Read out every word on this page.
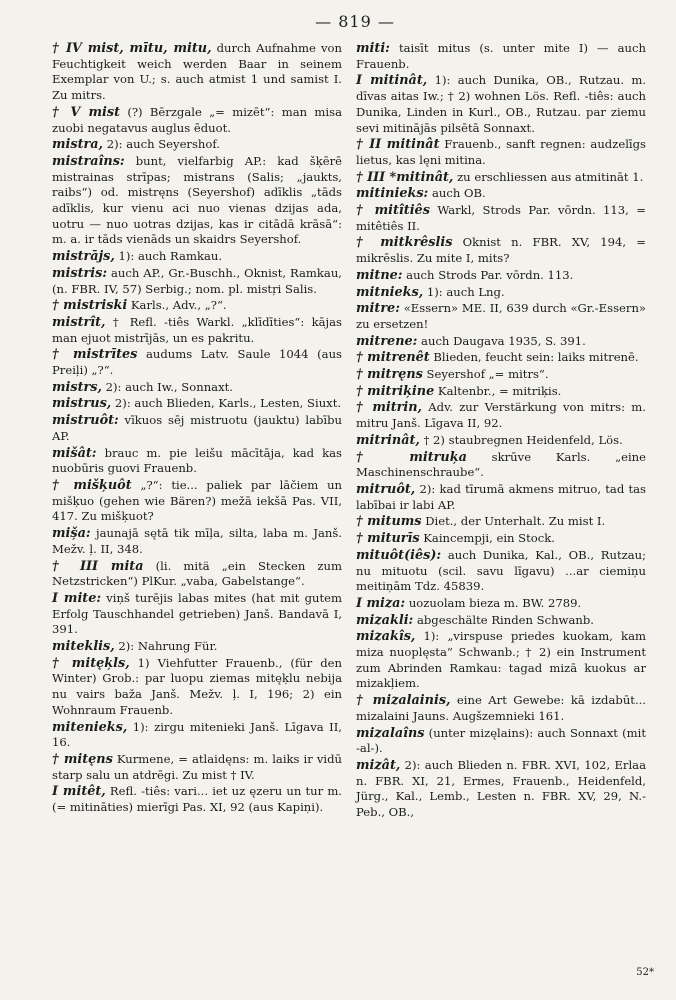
— 819 —
† IV mist, mītu, mitu, durch Aufnahme von Feuchtigkeit weich werden Baar in seinem Exemplar von U.; s. auch atmist 1 und samist I. Zu mitrs.
† V mist (?) Bērzgale „= mizēt“: man misa zuobi negatavus auglus ēduot.
mistra, 2): auch Seyershof.
mistraîns: bunt, vielfarbig AP.: kad šķērē mistrainas strīpas; mistrans (Salis; „jaukts, raibs“) od. mistręns (Seyershof) adīklis „tāds adīklis, kur vienu aci nuo vienas dzijas ada, uotru — nuo uotras dzijas, kas ir citādā krāsā“: m. a. ir tāds vienāds un skaidrs Seyershof.
mistrājs, 1): auch Ramkau.
mistris: auch AP., Gr.-Buschh., Oknist, Ramkau, (n. FBR. IV, 57) Serbig.; nom. pl. mistŗi Salis.
† mistriski Karls., Adv., „?“.
mistrît, † Refl. -tiês Warkl. „klīdīties“: kājas man ejuot mistrījās, un es pakritu.
† mistrītes audums Latv. Saule 1044 (aus Preiļi) „?“.
mistrs, 2): auch Iw., Sonnaxt.
mistrus, 2): auch Blieden, Karls., Lesten, Siuxt.
mistruôt: vīkuos sēj mistruotu (jauktu) labību AP.
mišât: brauc m. pie leišu mācītāja, kad kas nuobūris guovi Frauenb.
† mišķuôt „?“: tie... paliek par lāčiem un mišķuo (gehen wie Bären?) mežā iekšā Pas. VII, 417. Zu mišķuot?
miș̌a: jaunajā sętā tik mīļa, silta, laba m. Janš. Mežv. ļ. II, 348.
† III mita (li. mitä „ein Stecken zum Netzstricken“) PlKur. „vaba, Gabelstange“.
I mite: viņš turējis labas mites (hat mit gutem Erfolg Tauschhandel getrieben) Janš. Bandavā I, 391.
miteklis, 2): Nahrung Für.
† mitęķls, 1) Viehfutter Frauenb., (für den Winter) Grob.: par luopu ziemas mitęķlu nebija nu vairs baža Janš. Mežv. ļ. I, 196; 2) ein Wohnraum Frauenb.
mitenieks, 1): zirgu mitenieki Janš. Līgava II, 16.
† mitęns Kurmene, = atlaidęns: m. laiks ir vidū starp salu un atdrēgi. Zu mist † IV.
I mitêt, Refl. -tiês: vari... iet uz ęzeru un tur m. (= mitināties) mierīgi Pas. XI, 92 (aus Kapiņi).
miti: taisīt mitus (s. unter mite I) — auch Frauenb.
I mitinât, 1): auch Dunika, OB., Rutzau. m. dīvas aitas Iw.; † 2) wohnen Lös. Refl. -tiês: auch Dunika, Linden in Kurl., OB., Rutzau. par ziemu sevi mitinājās pilsētā Sonnaxt.
† II mitinât Frauenb., sanft regnen: audzelīgs lietus, kas lęni mitina.
† III *mitinât, zu erschliessen aus atmitināt 1.
mitinieks: auch OB.
† mitîtiês Warkl, Strods Par. vōrdn. 113, = mitêtiês II.
† mitkrêslis Oknist n. FBR. XV, 194, = mikrēslis. Zu mite I, mits?
mitne: auch Strods Par. vōrdn. 113.
mitnieks, 1): auch Lng.
mitre: «Essern» ME. II, 639 durch «Gr.-Essern» zu ersetzen!
mitrene: auch Daugava 1935, S. 391.
† mitrenêt Blieden, feucht sein: laiks mitrenē.
† mitręns Seyershof „= mitrs“.
† mitriķine Kaltenbr., = mitriķis.
† mitrin, Adv. zur Verstärkung von mitrs: m. mitru Janš. Līgava II, 92.
mitrinât, † 2) staubregnen Heidenfeld, Lös.
† mitruķa skrūve Karls. „eine Maschinenschraube“.
mitruôt, 2): kad tīrumā akmens mitruo, tad tas labībai ir labi AP.
† mitums Diet., der Unterhalt. Zu mist I.
† miturīs Kaincempji, ein Stock.
mituôt(iês): auch Dunika, Kal., OB., Rutzau; nu mituotu (scil. savu līgavu) ...ar ciemiņu meitiņām Tdz. 45839.
I miza: uozuolam bieza m. BW. 2789.
mizakli: abgeschälte Rinden Schwanb.
mizakîs, 1): „virspuse priedes kuokam, kam miza nuoplęsta“ Schwanb.; † 2) ein Instrument zum Abrinden Ramkau: tagad mizā kuokus ar mizakļiem.
† mizalainis, eine Art Gewebe: kā izdabūt... mizalaini Jauns. Augšzemnieki 161.
mizalaîns (unter mizęlains): auch Sonnaxt (mit -al-).
mizât, 2): auch Blieden n. FBR. XVI, 102, Erlaa n. FBR. XI, 21, Ermes, Frauenb., Heidenfeld, Jürg., Kal., Lemb., Lesten n. FBR. XV, 29, N.-Peb., OB.,
52*
